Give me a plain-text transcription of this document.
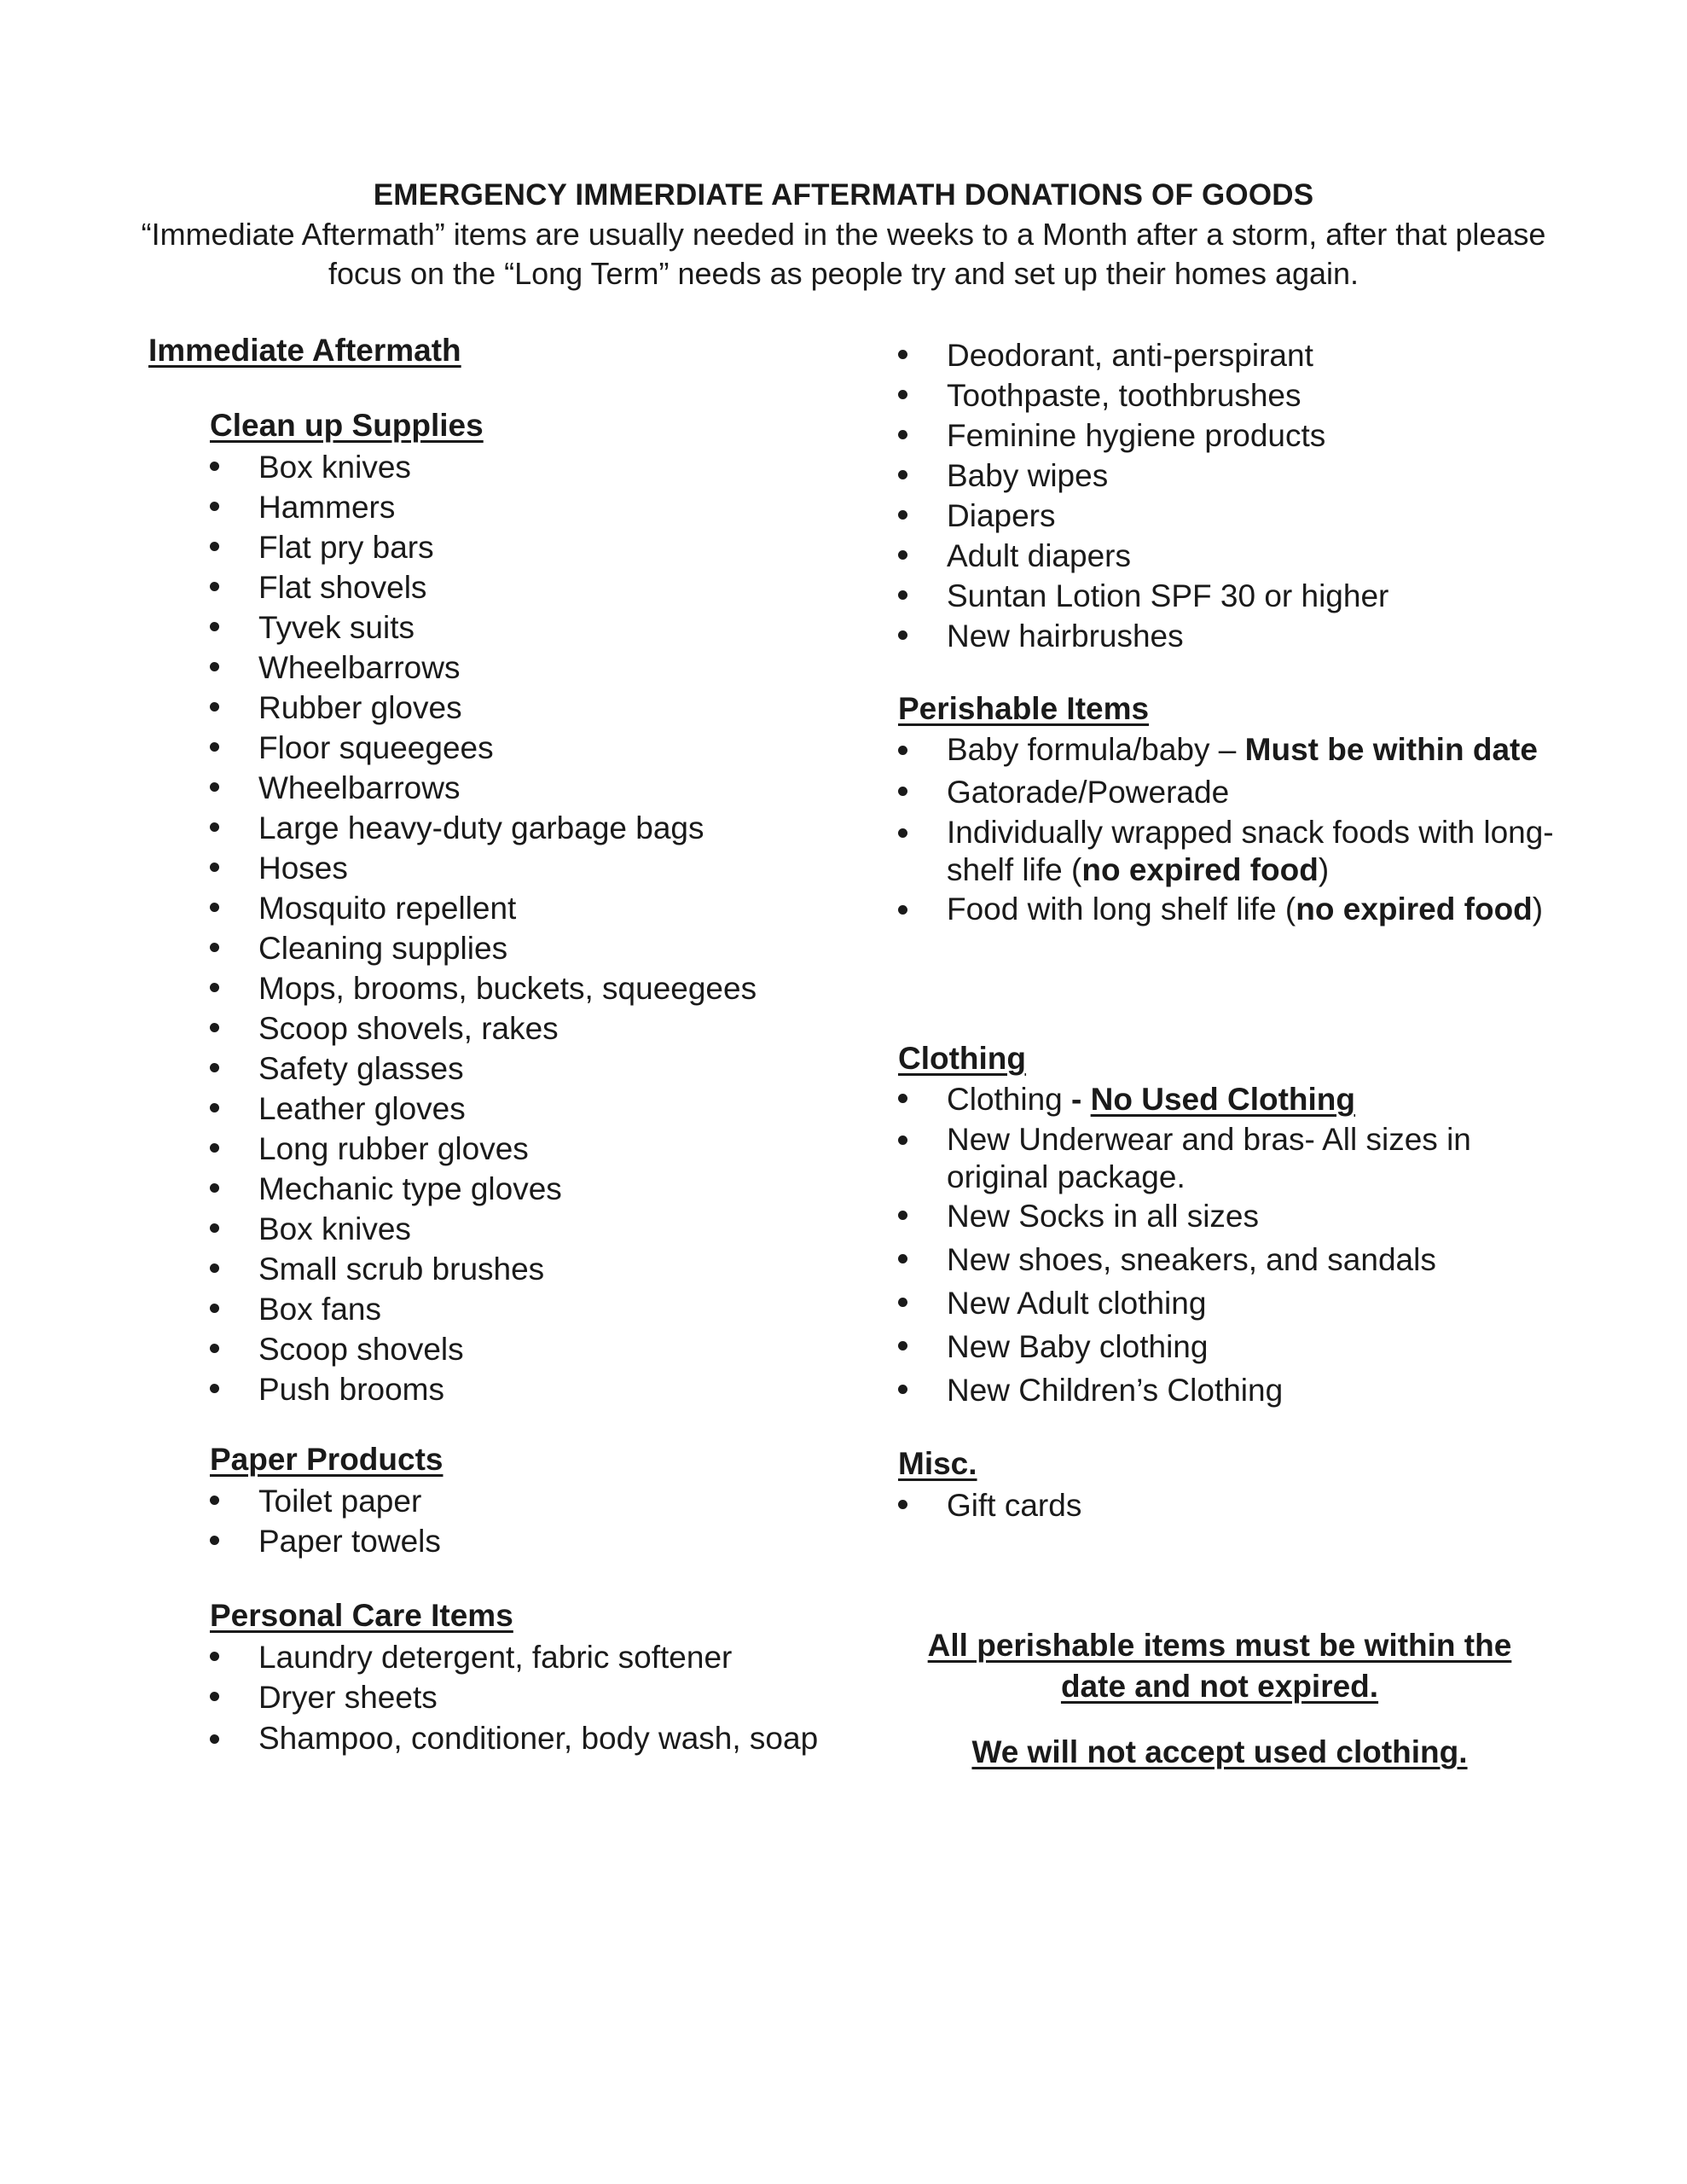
EMERGENCY IMMERDIATE AFTERMATH DONATIONS OF GOODS
“Immediate Aftermath” items are usually needed in the weeks to a Month after a storm, after that please focus on the “Long Term” needs as people try and set up their homes again.
Immediate Aftermath
Clean up Supplies
Box knives
Hammers
Flat pry bars
Flat shovels
Tyvek suits
Wheelbarrows
Rubber gloves
Floor squeegees
Wheelbarrows
Large heavy-duty garbage bags
Hoses
Mosquito repellent
Cleaning supplies
Mops, brooms, buckets, squeegees
Scoop shovels, rakes
Safety glasses
Leather gloves
Long rubber gloves
Mechanic type gloves
Box knives
Small scrub brushes
Box fans
Scoop shovels
Push brooms
Paper Products
Toilet paper
Paper towels
Personal Care Items
Laundry detergent, fabric softener
Dryer sheets
Shampoo, conditioner, body wash, soap
Deodorant, anti-perspirant
Toothpaste, toothbrushes
Feminine hygiene products
Baby wipes
Diapers
Adult diapers
Suntan Lotion SPF 30 or higher
New hairbrushes
Perishable Items
Baby formula/baby – Must be within date
Gatorade/Powerade
Individually wrapped snack foods with long-shelf life (no expired food)
Food with long shelf life (no expired food)
Clothing
Clothing - No Used Clothing
New Underwear and bras- All sizes in original package.
New Socks in all sizes
New shoes, sneakers, and sandals
New Adult clothing
New Baby clothing
New Children’s Clothing
Misc.
Gift cards
All perishable items must be within the date and not expired.
We will not accept used clothing.
